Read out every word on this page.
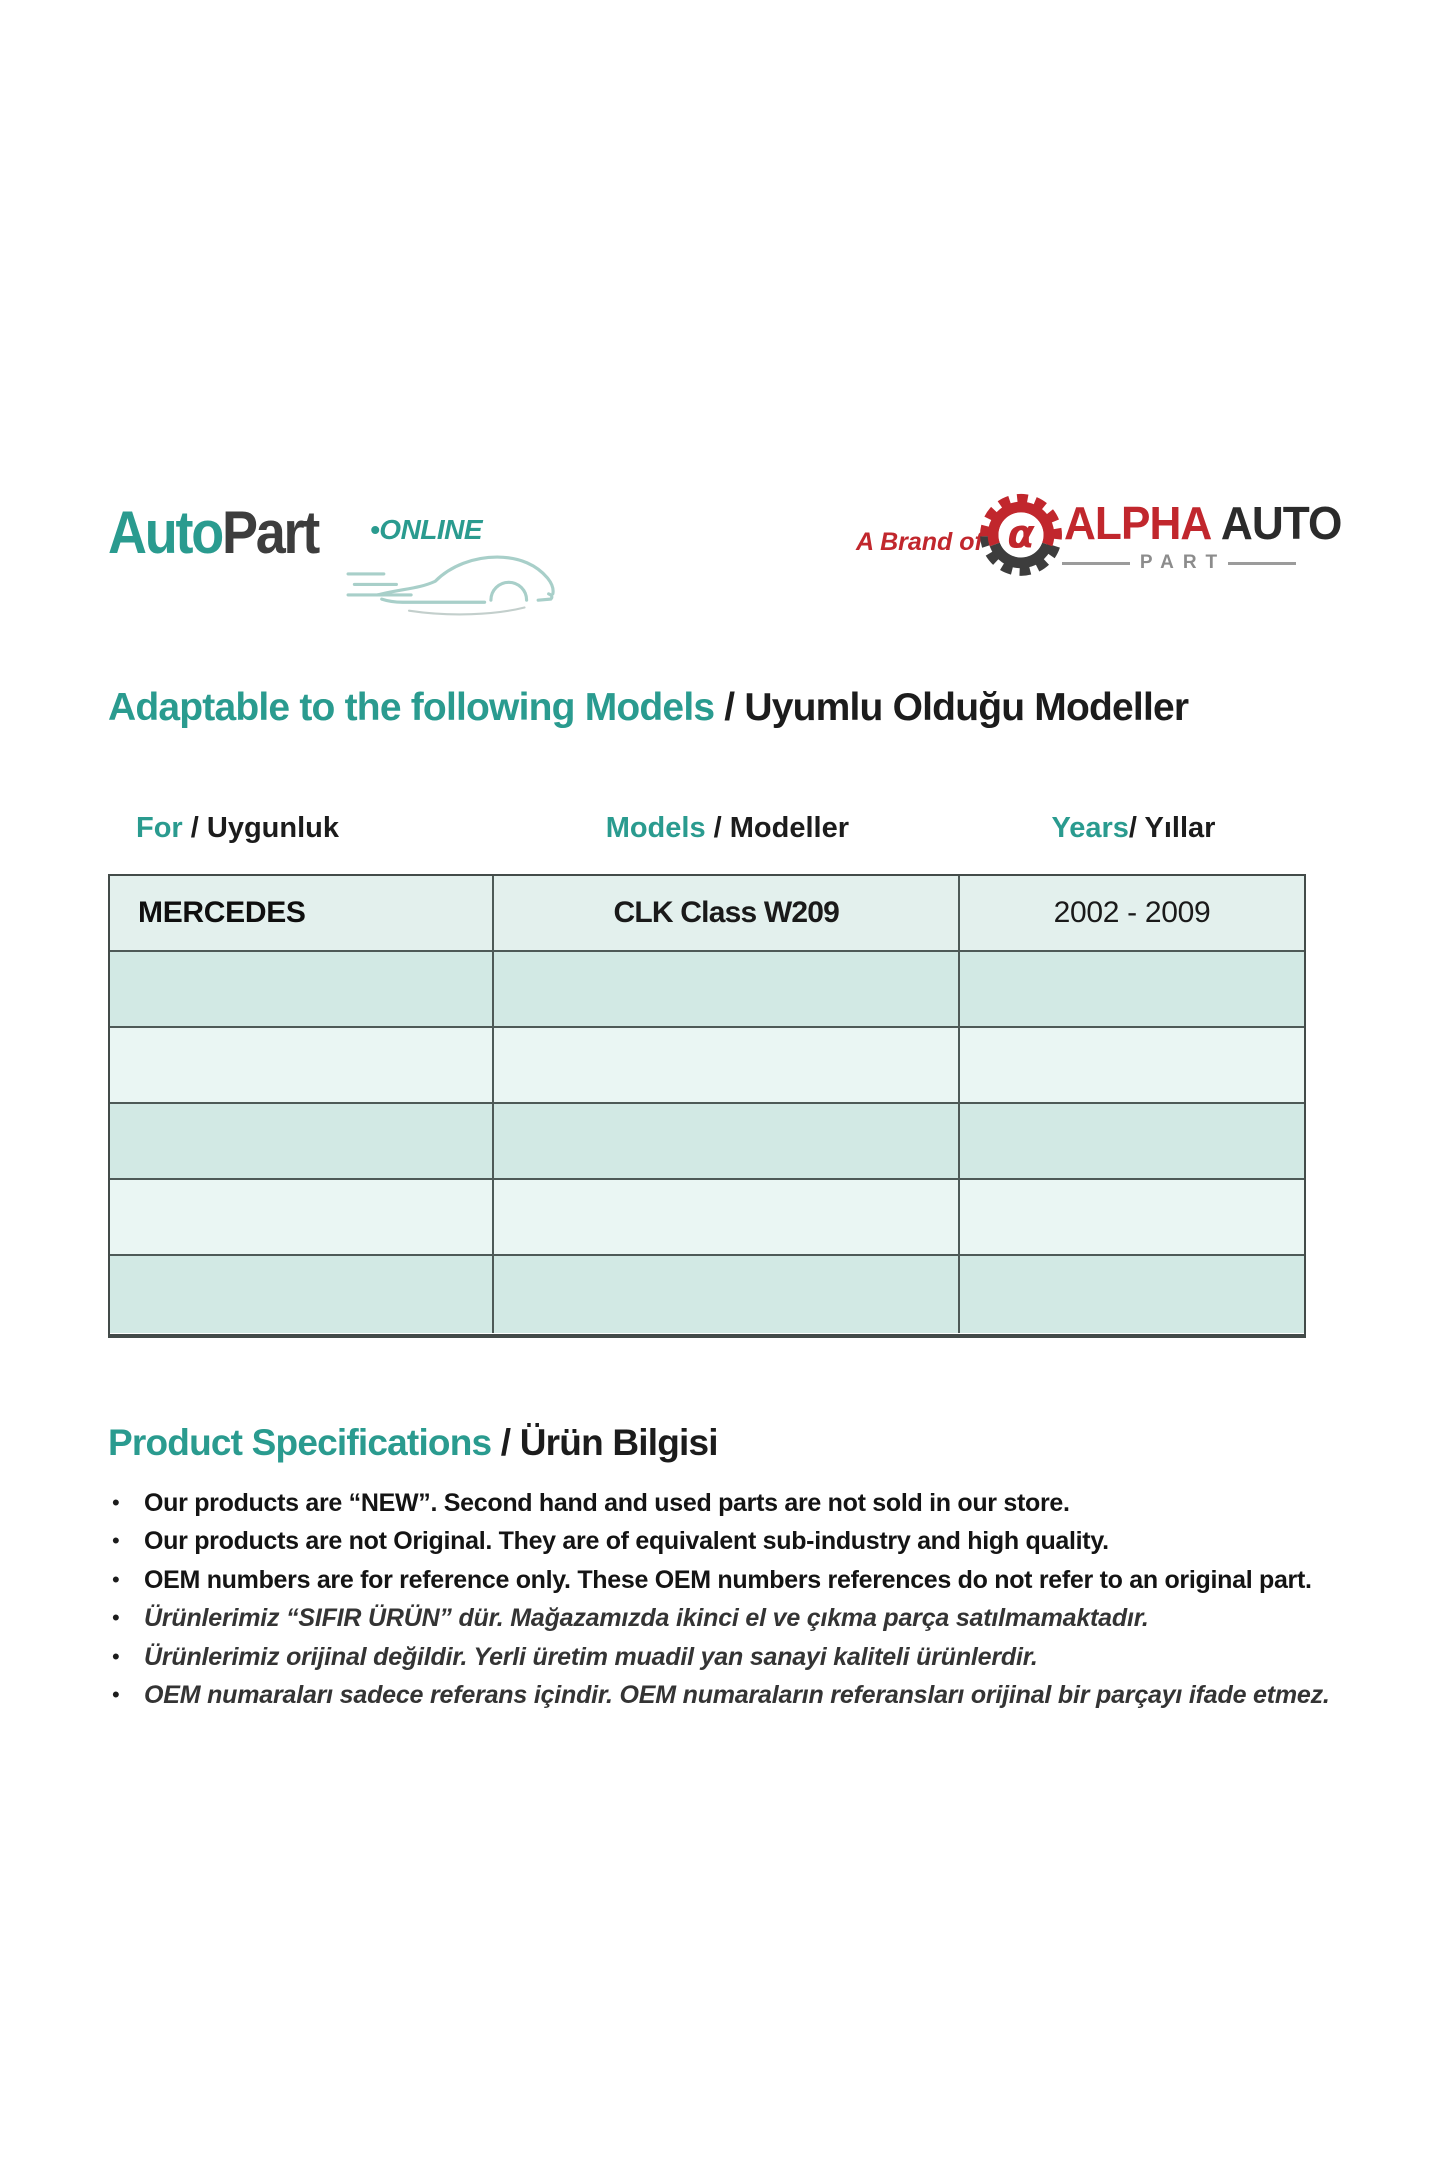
AutoPart •ONLINE	A Brand of α ALPHA AUTO
PART
Adaptable to the following Models / Uyumlu Olduğu Modeller
For / Uygunluk	Models / Modeller	Years/ Yıllar
MERCEDES	CLK Class W209	2002 - 2009
Product Specifications / Ürün Bilgisi
• Our products are “NEW”. Second hand and used parts are not sold in our store.
• Our products are not Original. They are of equivalent sub-industry and high quality.
• OEM numbers are for reference only. These OEM numbers references do not refer to an original part.
• Ürünlerimiz “SIFIR ÜRÜN” dür. Mağazamızda ikinci el ve çıkma parça satılmamaktadır.
• Ürünlerimiz orijinal değildir. Yerli üretim muadil yan sanayi kaliteli ürünlerdir.
• OEM numaraları sadece referans içindir. OEM numaraların referansları orijinal bir parçayı ifade etmez.
